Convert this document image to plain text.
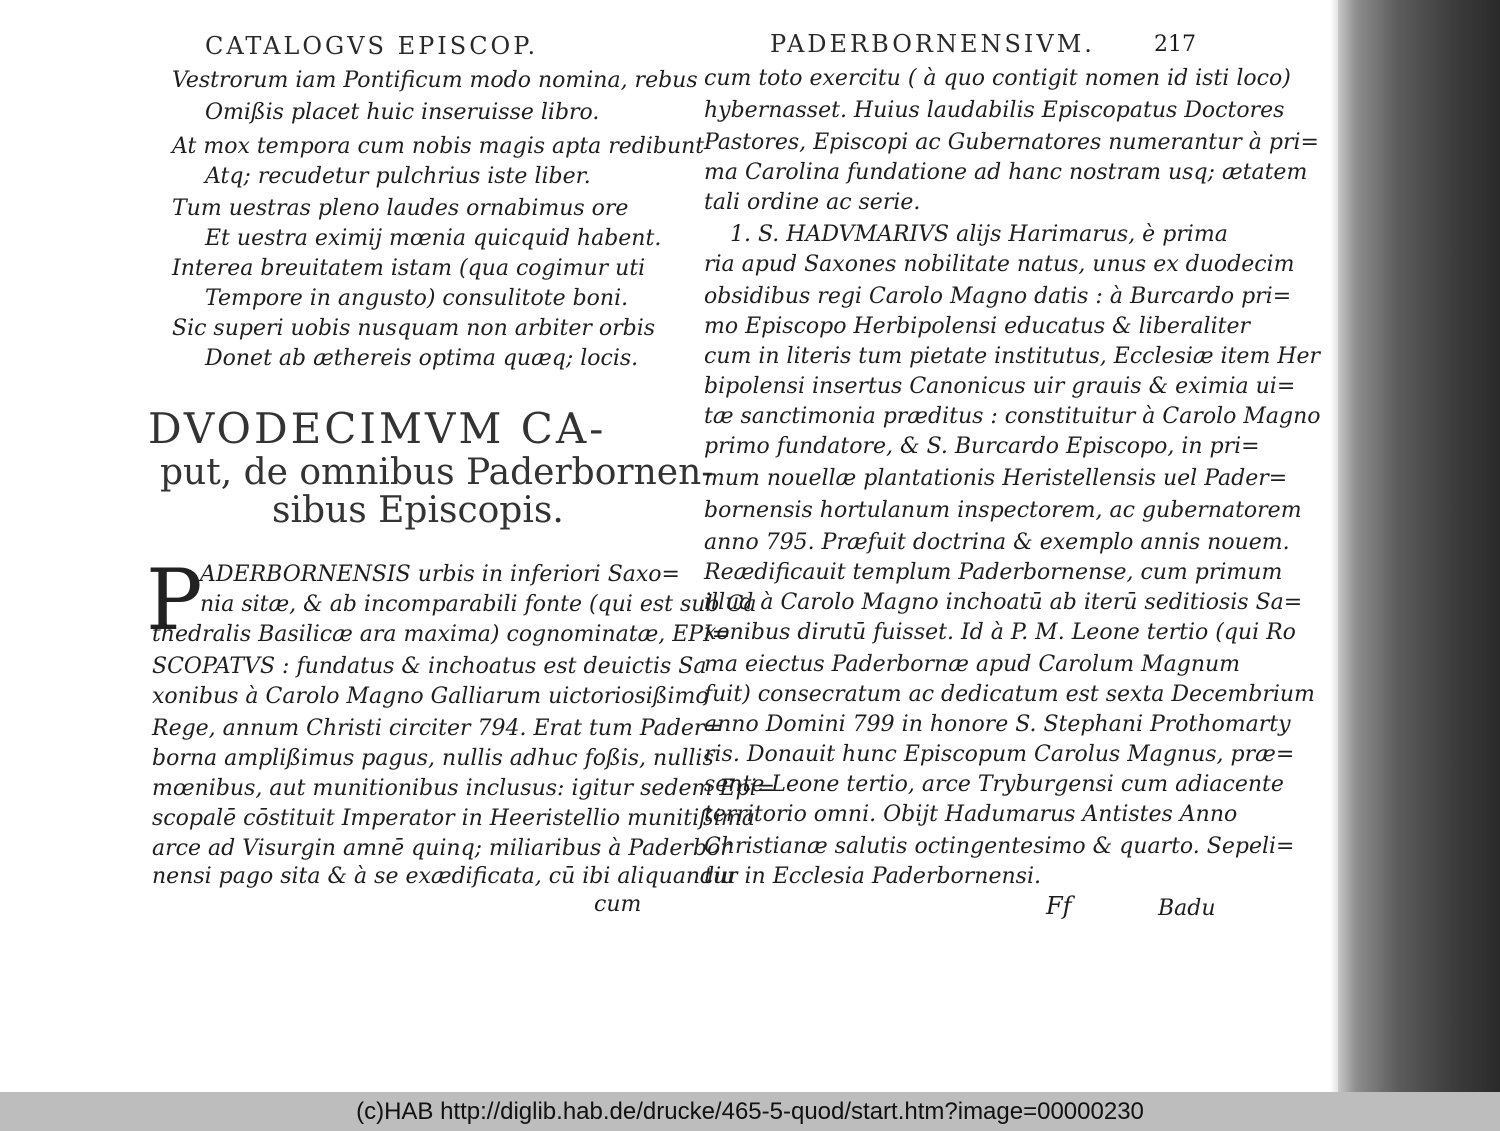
CATALOGVS EPISCOP.
Vestrorum iam Pontificum modo nomina, rebus
Omißis placet huic inseruisse libro.
At mox tempora cum nobis magis apta redibunt
Atq; recudetur pulchrius iste liber.
Tum uestras pleno laudes ornabimus ore
Et uestra eximij mœnia quicquid habent.
Interea breuitatem istam (qua cogimur uti
Tempore in angusto) consulitote boni.
Sic superi uobis nusquam non arbiter orbis
Donet ab æthereis optima quæq; locis.
DVODECIMVM CA-
put, de omnibus Paderbornen-
sibus Episcopis.
P
ADERBORNENSIS urbis in inferiori Saxo=
nia sitæ, & ab incomparabili fonte (qui est sub Ca
thedralis Basilicæ ara maxima) cognominatæ, EPI=
SCOPATVS : fundatus & inchoatus est deuictis Sa
xonibus à Carolo Magno Galliarum uictoriosißimo
Rege, annum Christi circiter 794. Erat tum Pader=
borna amplißimus pagus, nullis adhuc foßis, nullis
mœnibus, aut munitionibus inclusus: igitur sedem Epi=
scopalē cōstituit Imperator in Heeristellio munitißima
arce ad Visurgin amnē quinq; miliaribus à Paderbor
nensi pago sita & à se exædificata, cū ibi aliquandiu
cum
PADERBORNENSIVM.	217
cum toto exercitu ( à quo contigit nomen id isti loco)
hybernasset. Huius laudabilis Episcopatus Doctores
Pastores, Episcopi ac Gubernatores numerantur à pri=
ma Carolina fundatione ad hanc nostram usq; ætatem
tali ordine ac serie.
1. S. HADVMARIVS alijs Harimarus, è prima
ria apud Saxones nobilitate natus, unus ex duodecim
obsidibus regi Carolo Magno datis : à Burcardo pri=
mo Episcopo Herbipolensi educatus & liberaliter
cum in literis tum pietate institutus, Ecclesiæ item Her
bipolensi insertus Canonicus uir grauis & eximia ui=
tæ sanctimonia præditus : constituitur à Carolo Magno
primo fundatore, & S. Burcardo Episcopo, in pri=
mum nouellæ plantationis Heristellensis uel Pader=
bornensis hortulanum inspectorem, ac gubernatorem
anno 795. Præfuit doctrina & exemplo annis nouem.
Reædificauit templum Paderbornense, cum primum
illud à Carolo Magno inchoatū ab iterū seditiosis Sa=
xonibus dirutū fuisset. Id à P. M. Leone tertio (qui Ro
ma eiectus Paderbornæ apud Carolum Magnum
fuit) consecratum ac dedicatum est sexta Decembrium
anno Domini 799 in honore S. Stephani Prothomarty
ris. Donauit hunc Episcopum Carolus Magnus, præ=
sente Leone tertio, arce Tryburgensi cum adiacente
territorio omni. Obijt Hadumarus Antistes Anno
Christianæ salutis octingentesimo & quarto. Sepeli=
tur in Ecclesia Paderbornensi.
Ff	Badu
(c)HAB http://diglib.hab.de/drucke/465-5-quod/start.htm?image=00000230
